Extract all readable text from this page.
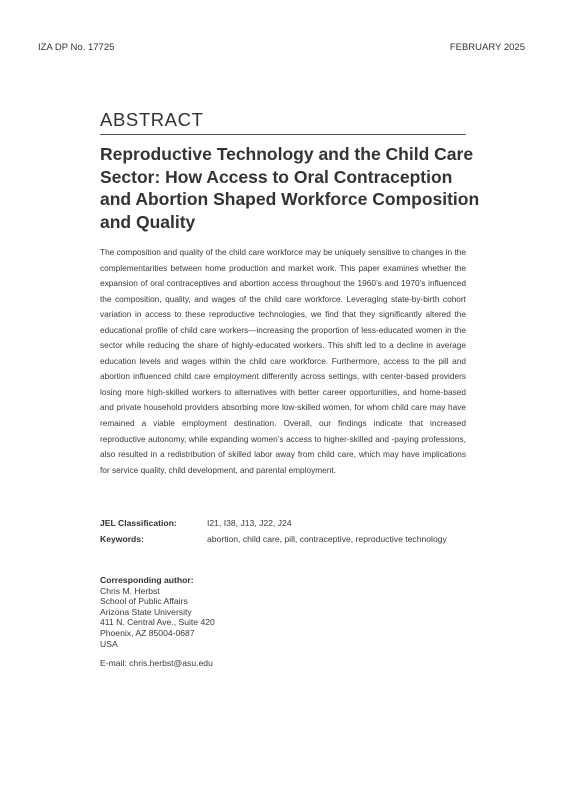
IZA DP No. 17725	FEBRUARY 2025
ABSTRACT
Reproductive Technology and the Child Care Sector: How Access to Oral Contraception and Abortion Shaped Workforce Composition and Quality

The composition and quality of the child care workforce may be uniquely sensitive to changes in the complementarities between home production and market work. This paper examines whether the expansion of oral contraceptives and abortion access throughout the 1960’s and 1970’s influenced the composition, quality, and wages of the child care workforce. Leveraging state-by-birth cohort variation in access to these reproductive technologies, we find that they significantly altered the educational profile of child care workers—increasing the proportion of less-educated women in the sector while reducing the share of highly-educated workers. This shift led to a decline in average education levels and wages within the child care workforce. Furthermore, access to the pill and abortion influenced child care employment differently across settings, with center-based providers losing more high-skilled workers to alternatives with better career opportunities, and home-based and private household providers absorbing more low-skilled women, for whom child care may have remained a viable employment destination. Overall, our findings indicate that increased reproductive autonomy, while expanding women’s access to higher-skilled and -paying professions, also resulted in a redistribution of skilled labor away from child care, which may have implications for service quality, child development, and parental employment.

JEL Classification:	I21, I38, J13, J22, J24
Keywords:	abortion, child care, pill, contraceptive, reproductive technology
Corresponding author:
Chris M. Herbst
School of Public Affairs
Arizona State University
411 N. Central Ave., Suite 420
Phoenix, AZ 85004-0687
USA
E-mail: chris.herbst@asu.edu
